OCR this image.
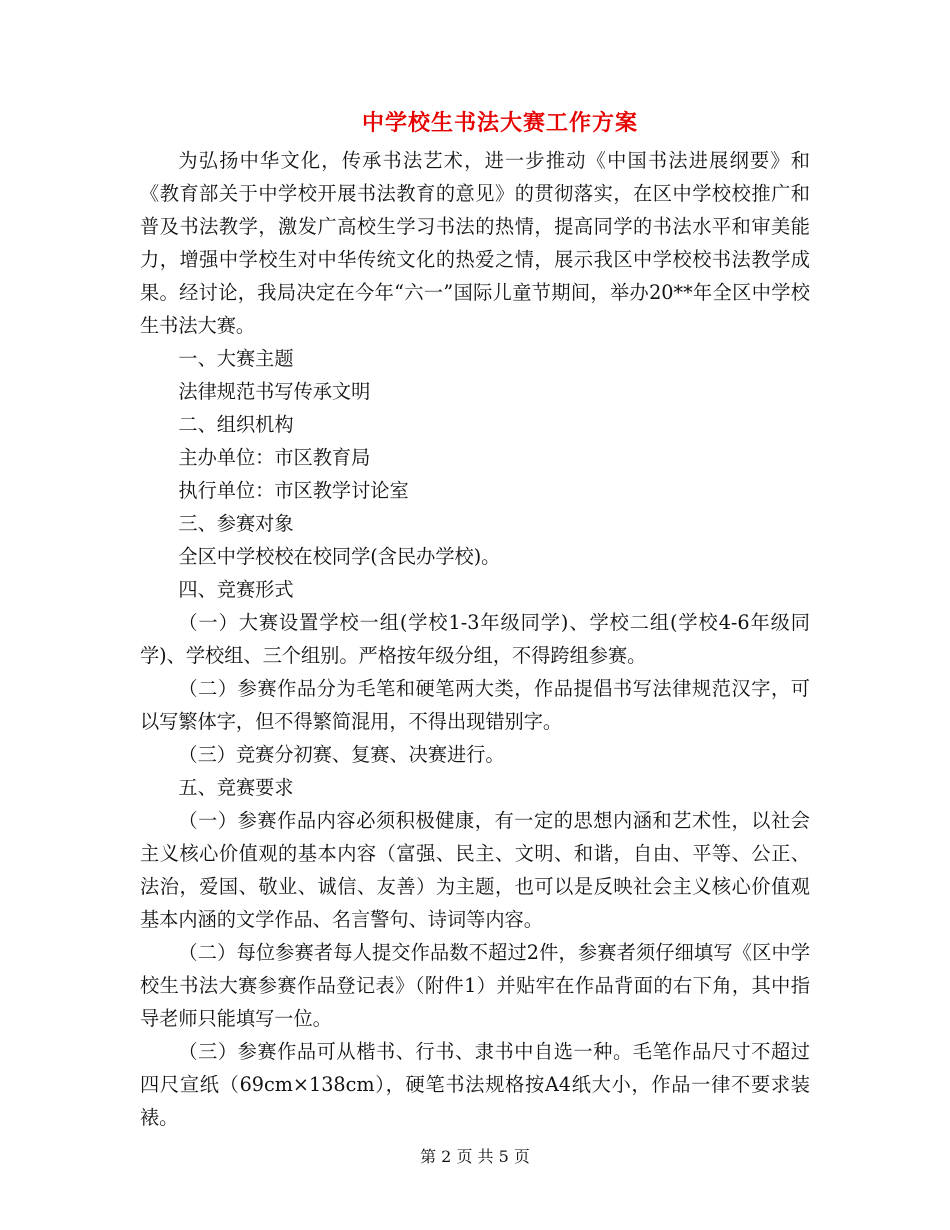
中学校生书法大赛工作方案

为弘扬中华文化，传承书法艺术，进一步推动《中国书法进展纲要》和《教育部关于中学校开展书法教育的意见》的贯彻落实，在区中学校校推广和普及书法教学，激发广高校生学习书法的热情，提高同学的书法水平和审美能力，增强中学校生对中华传统文化的热爱之情，展示我区中学校校书法教学成果。经讨论，我局决定在今年“六一”国际儿童节期间，举办20**年全区中学校生书法大赛。

一、大赛主题

法律规范书写传承文明

二、组织机构

主办单位：市区教育局

执行单位：市区教学讨论室

三、参赛对象

全区中学校校在校同学(含民办学校)。

四、竞赛形式

（一）大赛设置学校一组(学校1-3年级同学)、学校二组(学校4-6年级同学)、学校组、三个组别。严格按年级分组，不得跨组参赛。

（二）参赛作品分为毛笔和硬笔两大类，作品提倡书写法律规范汉字，可以写繁体字，但不得繁简混用，不得出现错别字。

（三）竞赛分初赛、复赛、决赛进行。

五、竞赛要求

（一）参赛作品内容必须积极健康，有一定的思想内涵和艺术性，以社会主义核心价值观的基本内容（富强、民主、文明、和谐，自由、平等、公正、法治，爱国、敬业、诚信、友善）为主题，也可以是反映社会主义核心价值观基本内涵的文学作品、名言警句、诗词等内容。

（二）每位参赛者每人提交作品数不超过2件，参赛者须仔细填写《区中学校生书法大赛参赛作品登记表》（附件1）并贴牢在作品背面的右下角，其中指导老师只能填写一位。

（三）参赛作品可从楷书、行书、隶书中自选一种。毛笔作品尺寸不超过四尺宣纸（69cm×138cm），硬笔书法规格按A4纸大小，作品一律不要求装裱。

第 2 页 共 5 页
